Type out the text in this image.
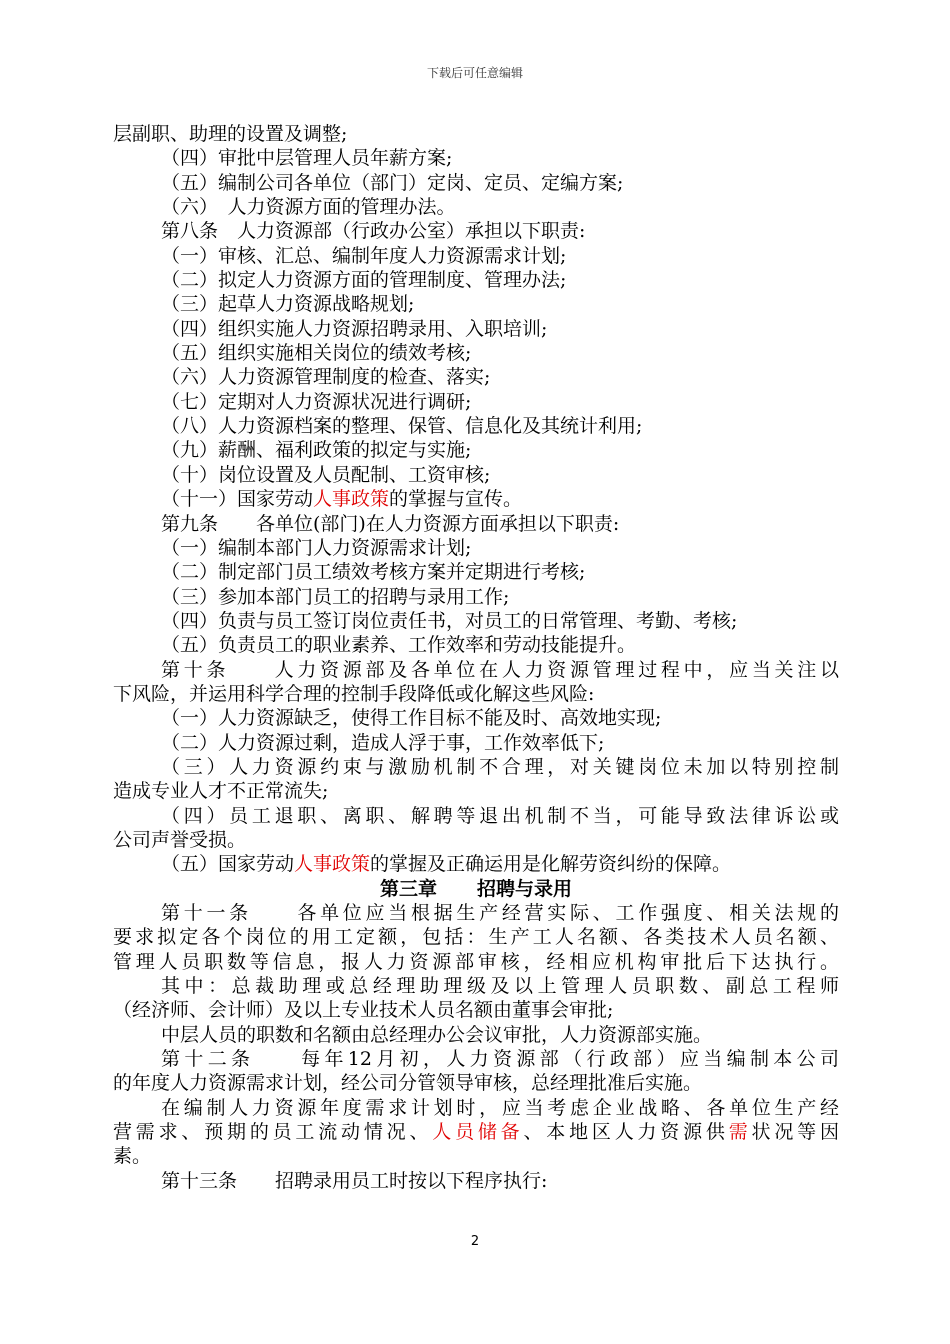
下载后可任意编辑
层副职、助理的设置及调整;
（四）审批中层管理人员年薪方案;
（五）编制公司各单位（部门）定岗、定员、定编方案;
（六）　人力资源方面的管理办法。
第八条　人力资源部（行政办公室）承担以下职责:
（一）审核、汇总、编制年度人力资源需求计划;
（二）拟定人力资源方面的管理制度、管理办法;
（三）起草人力资源战略规划;
（四）组织实施人力资源招聘录用、入职培训;
（五）组织实施相关岗位的绩效考核;
（六）人力资源管理制度的检查、落实;
（七）定期对人力资源状况进行调研;
（八）人力资源档案的整理、保管、信息化及其统计利用;
（九）薪酬、福利政策的拟定与实施;
（十）岗位设置及人员配制、工资审核;
（十一）国家劳动人事政策的掌握与宣传。
第九条　　各单位(部门)在人力资源方面承担以下职责:
（一）编制本部门人力资源需求计划;
（二）制定部门员工绩效考核方案并定期进行考核;
（三）参加本部门员工的招聘与录用工作;
（四）负责与员工签订岗位责任书，对员工的日常管理、考勤、考核;
（五）负责员工的职业素养、工作效率和劳动技能提升。
第十条　　人力资源部及各单位在人力资源管理过程中，应当关注以
下风险，并运用科学合理的控制手段降低或化解这些风险:
（一）人力资源缺乏，使得工作目标不能及时、高效地实现;
（二）人力资源过剩，造成人浮于事，工作效率低下;
（三）人力资源约束与激励机制不合理，对关键岗位未加以特别控制
造成专业人才不正常流失;
（四）员工退职、离职、解聘等退出机制不当，可能导致法律诉讼或
公司声誉受损。
（五）国家劳动人事政策的掌握及正确运用是化解劳资纠纷的保障。
第三章 招聘与录用
第十一条　　各单位应当根据生产经营实际、工作强度、相关法规的
要求拟定各个岗位的用工定额，包括：生产工人名额、各类技术人员名额、
管理人员职数等信息，报人力资源部审核，经相应机构审批后下达执行。
其中：总裁助理或总经理助理级及以上管理人员职数、副总工程师
（经济师、会计师）及以上专业技术人员名额由董事会审批;
中层人员的职数和名额由总经理办公会议审批，人力资源部实施。
第十二条　　每年12月初，人力资源部（行政部）应当编制本公司
的年度人力资源需求计划，经公司分管领导审核，总经理批准后实施。
在编制人力资源年度需求计划时，应当考虑企业战略、各单位生产经
营需求、预期的员工流动情况、人员储备、本地区人力资源供需状况等因
素。
第十三条　　招聘录用员工时按以下程序执行:
2
